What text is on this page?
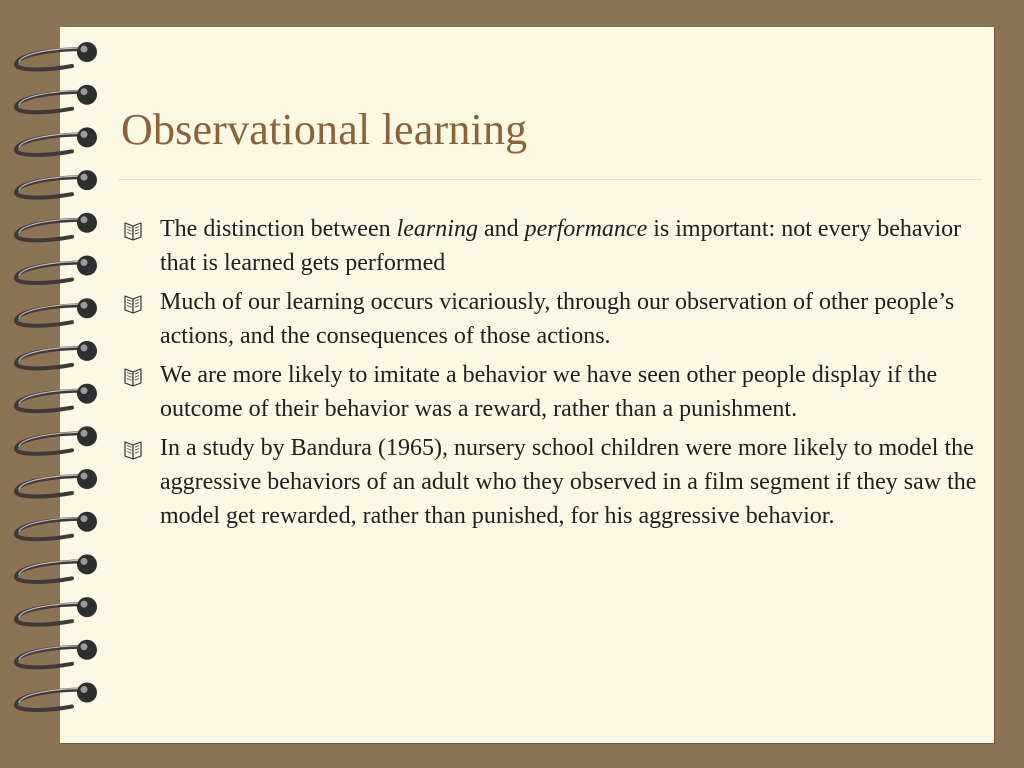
Observational learning
The distinction between learning and performance is important: not every behavior that is learned gets performed
Much of our learning occurs vicariously, through our observation of other people’s actions, and the consequences of those actions.
We are more likely to imitate a behavior we have seen other people display if the outcome of their behavior was a reward, rather than a punishment.
In a study by Bandura (1965), nursery school children were more likely to model the aggressive behaviors of an adult who they observed in a film segment if they saw the model get rewarded, rather than punished, for his aggressive behavior.
